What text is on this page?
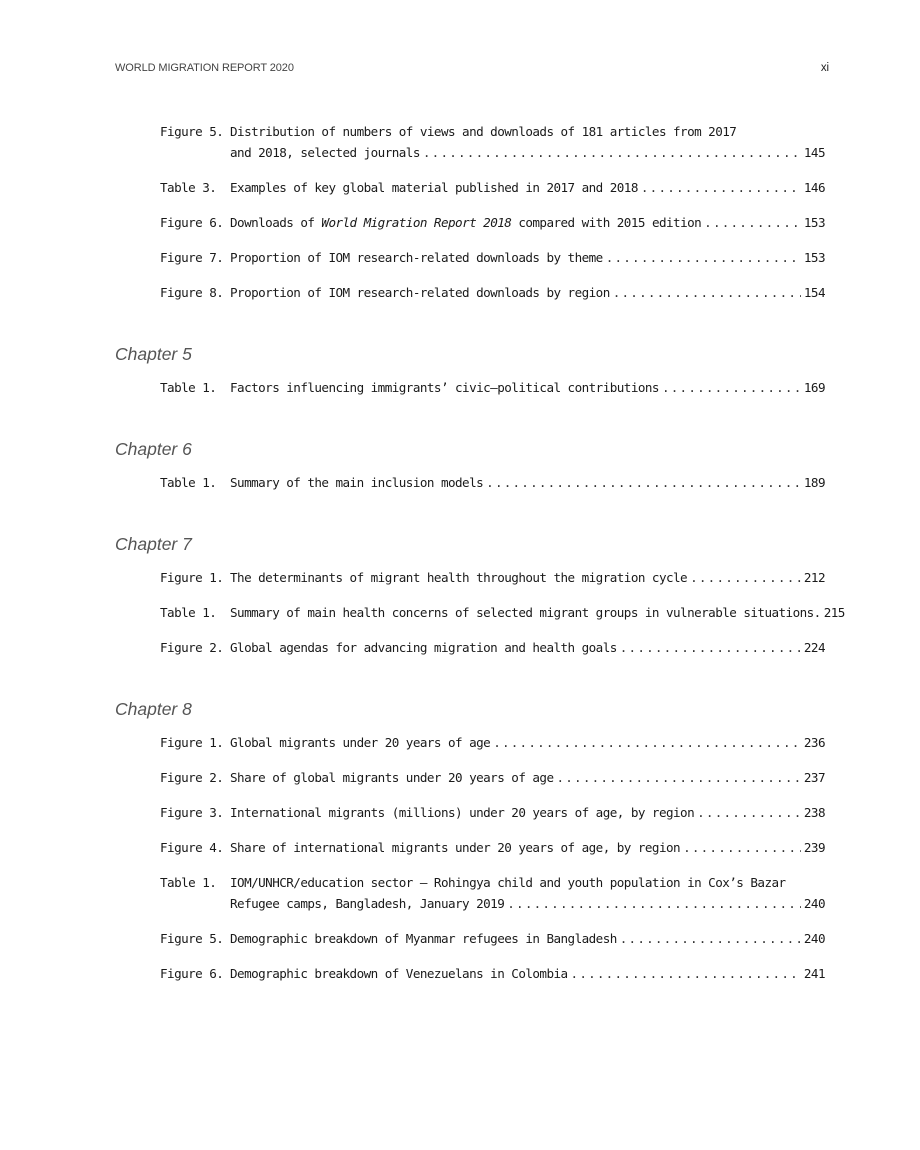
WORLD MIGRATION REPORT 2020	xi
Figure 5. Distribution of numbers of views and downloads of 181 articles from 2017
and 2018, selected journals .....	145
Table 3.	Examples of key global material published in 2017 and 2018 .....	146
Figure 6. Downloads of World Migration Report 2018 compared with 2015 edition .....	153
Figure 7. Proportion of IOM research-related downloads by theme .....	153
Figure 8. Proportion of IOM research-related downloads by region .....	154
Chapter 5
Table 1.	Factors influencing immigrants’ civic–political contributions .....	169
Chapter 6
Table 1.	Summary of the main inclusion models .....	189
Chapter 7
Figure 1. The determinants of migrant health throughout the migration cycle .....	212
Table 1.	Summary of main health concerns of selected migrant groups in vulnerable situations. 215
Figure 2. Global agendas for advancing migration and health goals .....	224
Chapter 8
Figure 1. Global migrants under 20 years of age .....	236
Figure 2. Share of global migrants under 20 years of age .....	237
Figure 3. International migrants (millions) under 20 years of age, by region .....	238
Figure 4. Share of international migrants under 20 years of age, by region .....	239
Table 1.	IOM/UNHCR/education sector – Rohingya child and youth population in Cox’s Bazar
Refugee camps, Bangladesh, January 2019 .....	240
Figure 5. Demographic breakdown of Myanmar refugees in Bangladesh .....	240
Figure 6. Demographic breakdown of Venezuelans in Colombia .....	241
